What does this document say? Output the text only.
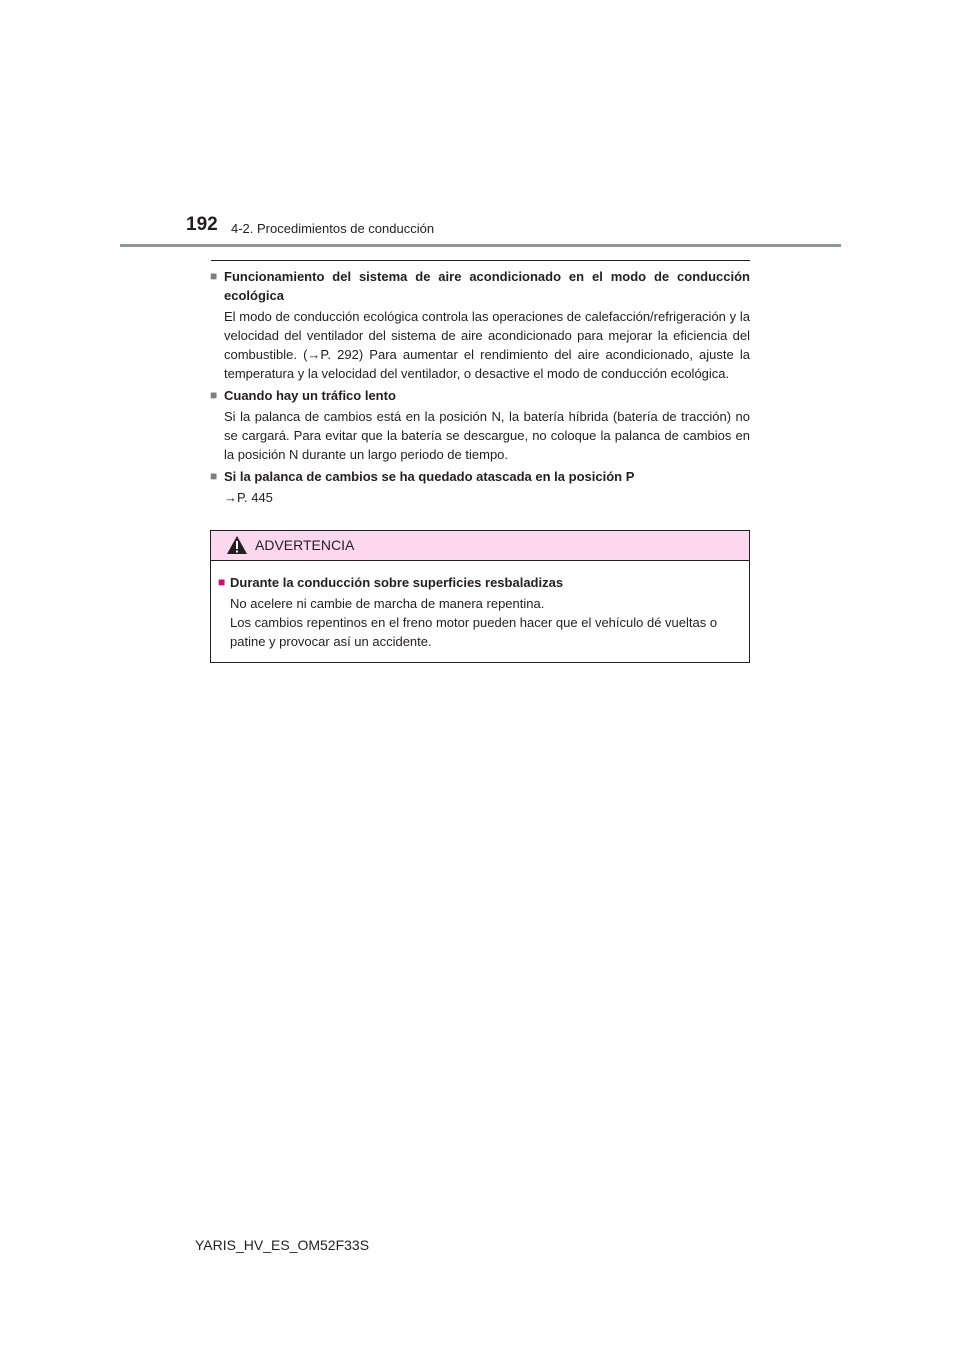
192 4-2. Procedimientos de conducción
■ Funcionamiento del sistema de aire acondicionado en el modo de conducción ecológica
El modo de conducción ecológica controla las operaciones de calefacción/refrigeración y la velocidad del ventilador del sistema de aire acondicionado para mejorar la eficiencia del combustible. (→P. 292) Para aumentar el rendimiento del aire acondicionado, ajuste la temperatura y la velocidad del ventilador, o desactive el modo de conducción ecológica.
■ Cuando hay un tráfico lento
Si la palanca de cambios está en la posición N, la batería híbrida (batería de tracción) no se cargará. Para evitar que la batería se descargue, no coloque la palanca de cambios en la posición N durante un largo periodo de tiempo.
■ Si la palanca de cambios se ha quedado atascada en la posición P
→P. 445
ADVERTENCIA
■ Durante la conducción sobre superficies resbaladizas
No acelere ni cambie de marcha de manera repentina.
Los cambios repentinos en el freno motor pueden hacer que el vehículo dé vueltas o patine y provocar así un accidente.
YARIS_HV_ES_OM52F33S
